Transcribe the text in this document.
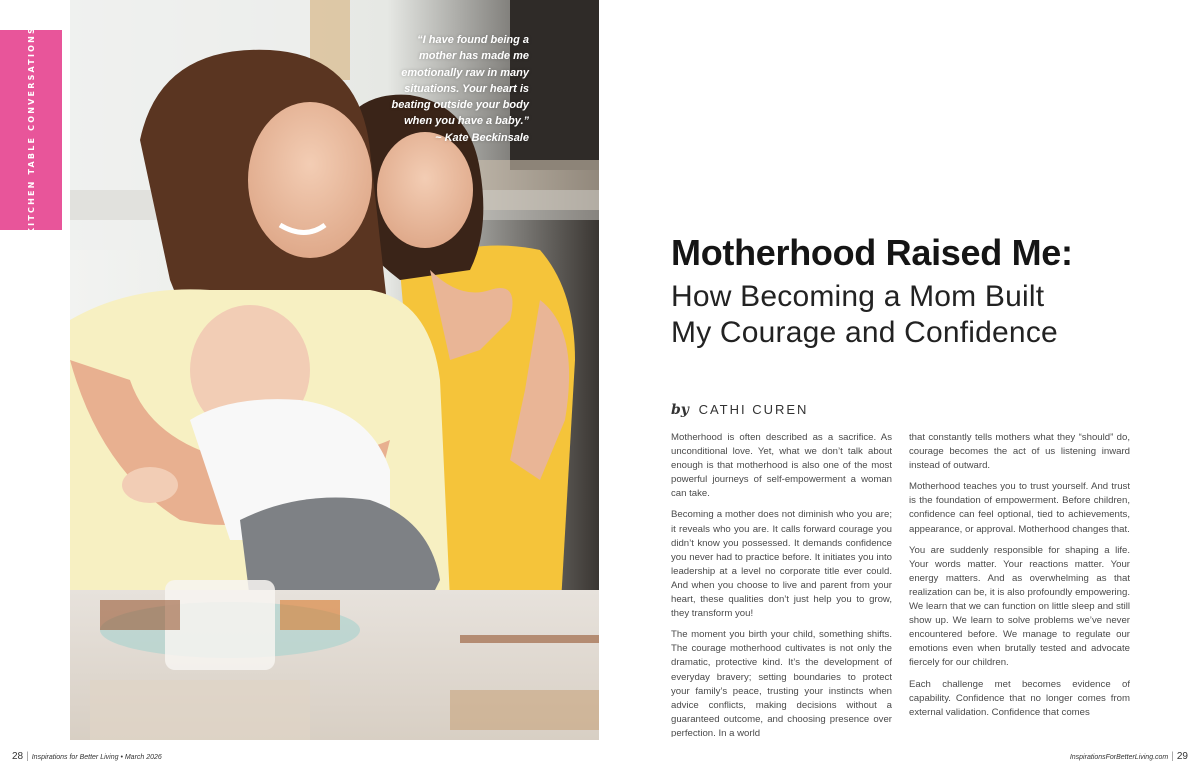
KITCHEN TABLE CONVERSATIONS	“I have found being a
mother has made me
emotionally raw in many
situations. Your heart is
beating outside your body
when you have a baby.”
~ Kate Beckinsale
Motherhood Raised Me:
How Becoming a Mom Built
My Courage and Confidence
by CATHI CUREN

Motherhood is often described as a sacrifice. As unconditional love. Yet, what we don’t talk about enough is that motherhood is also one of the most powerful journeys of self-empowerment a woman can take.

Becoming a mother does not diminish who you are; it reveals who you are. It calls forward courage you didn’t know you possessed. It demands confidence you never had to practice before. It initiates you into leadership at a level no corporate title ever could. And when you choose to live and parent from your heart, these qualities don’t just help you to grow, they transform you!

The moment you birth your child, something shifts. The courage motherhood cultivates is not only the dramatic, protective kind. It’s the development of everyday bravery; setting boundaries to protect your family’s peace, trusting your instincts when advice conflicts, making decisions without a guaranteed outcome, and choosing presence over perfection. In a world

that constantly tells mothers what they “should” do, courage becomes the act of us listening inward instead of outward.

Motherhood teaches you to trust yourself. And trust is the foundation of empowerment. Before children, confidence can feel optional, tied to achievements, appearance, or approval. Motherhood changes that.

You are suddenly responsible for shaping a life. Your words matter. Your reactions matter. Your energy matters. And as overwhelming as that realization can be, it is also profoundly empowering. We learn that we can function on little sleep and still show up. We learn to solve problems we’ve never encountered before. We manage to regulate our emotions even when brutally tested and advocate fiercely for our children.

Each challenge met becomes evidence of capability. Confidence that no longer comes from external validation. Confidence that comes

28 | Inspirations for Better Living • March 2026	InspirationsForBetterLiving.com | 29
